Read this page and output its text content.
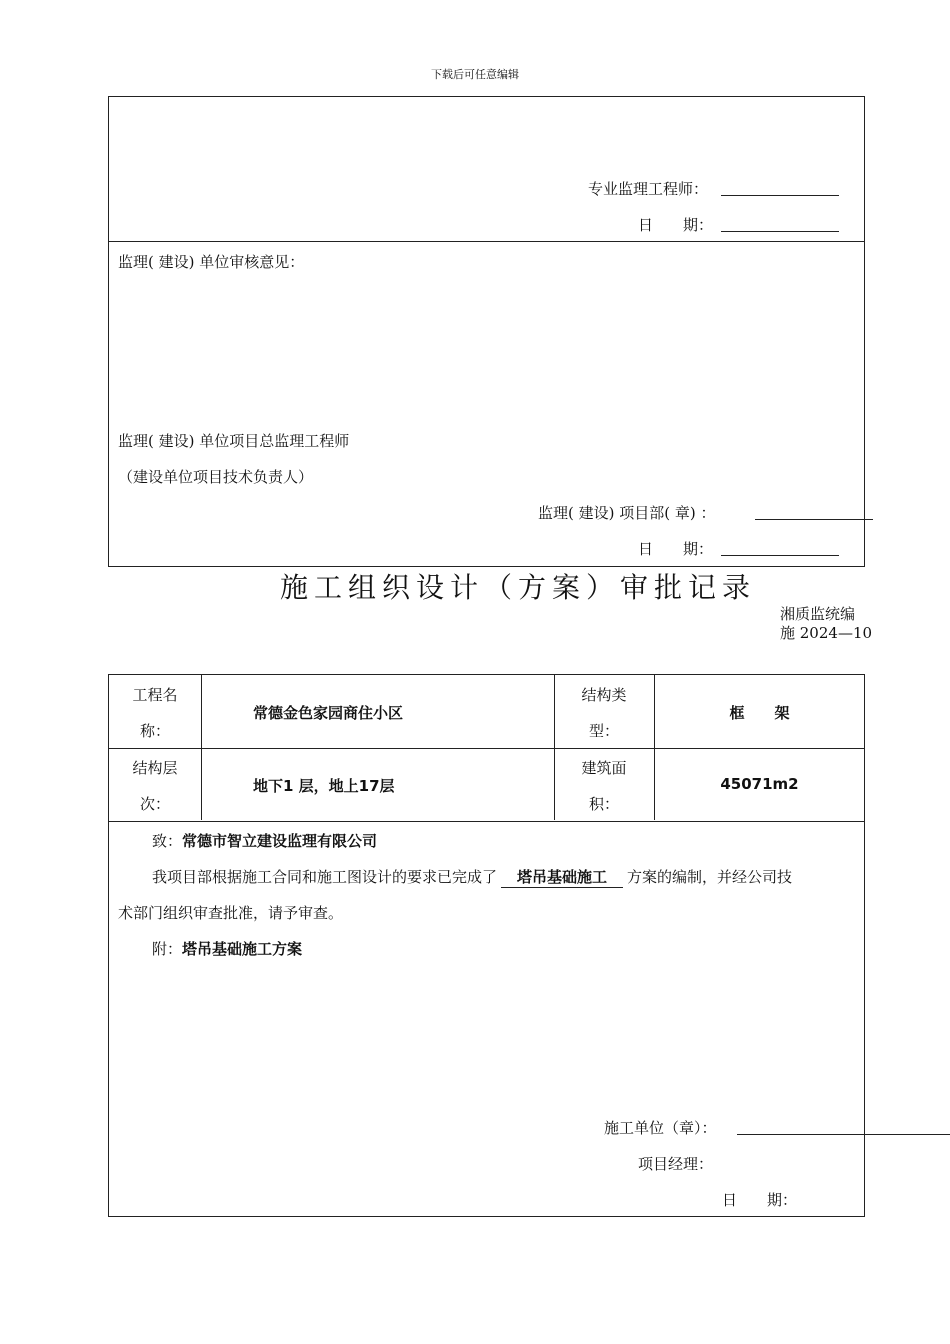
下载后可任意编辑
专业监理工程师：
日　　期：
监理( 建设) 单位审核意见：
监理( 建设) 单位项目总监理工程师
（建设单位项目技术负责人）
监理( 建设) 项目部( 章) ：
日　　期：
施工组织设计（方案）审批记录
湘质监统编
施 2024—10
工程名
称：
常德金色家园商住小区
结构类
型：
框　　架
结构层
次：
地下1 层，地上17层
建筑面
积：
45071m2
致：常德市智立建设监理有限公司
我项目部根据施工合同和施工图设计的要求已完成了 塔吊基础施工 方案的编制，并经公司技
术部门组织审查批准，请予审查。
附：塔吊基础施工方案
施工单位（章）：
项目经理：
日　　期：
